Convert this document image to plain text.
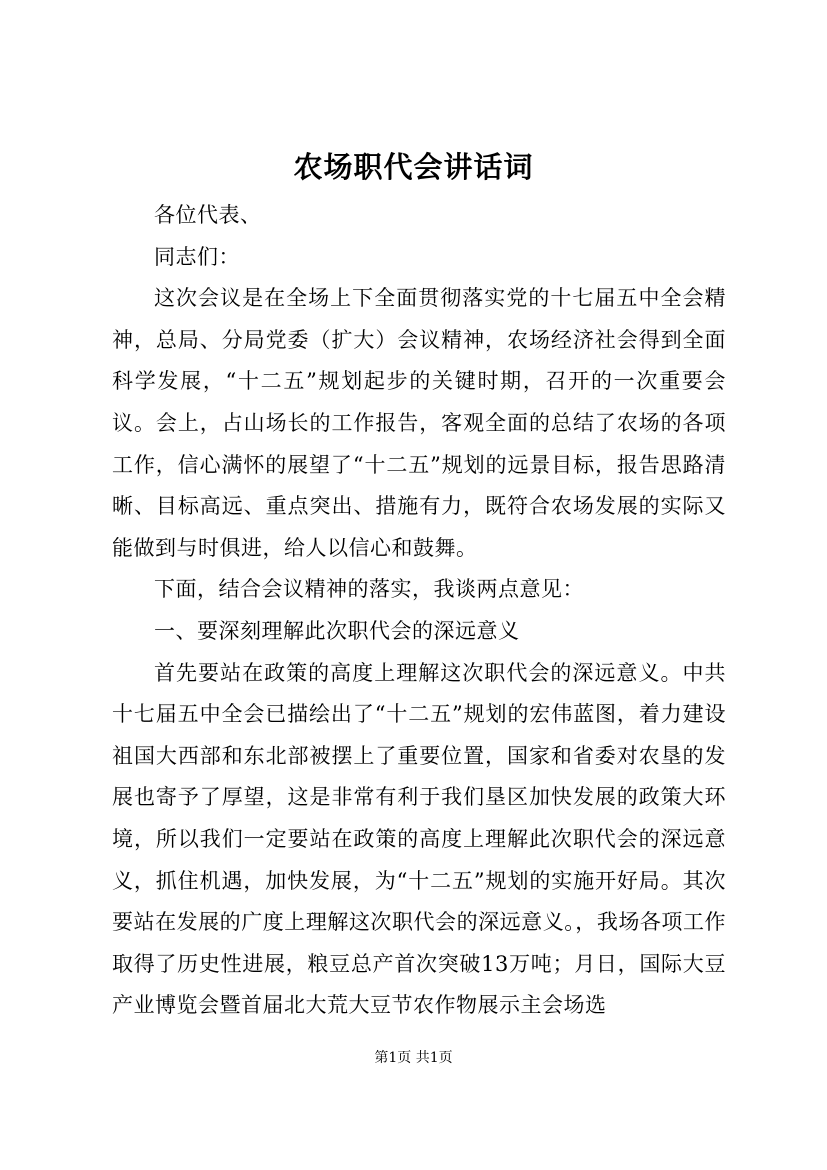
农场职代会讲话词

各位代表、

同志们：

这次会议是在全场上下全面贯彻落实党的十七届五中全会精神，总局、分局党委（扩大）会议精神，农场经济社会得到全面科学发展，“十二五”规划起步的关键时期，召开的一次重要会议。会上，占山场长的工作报告，客观全面的总结了农场的各项工作，信心满怀的展望了“十二五”规划的远景目标，报告思路清晰、目标高远、重点突出、措施有力，既符合农场发展的实际又能做到与时俱进，给人以信心和鼓舞。

下面，结合会议精神的落实，我谈两点意见：

一、要深刻理解此次职代会的深远意义

首先要站在政策的高度上理解这次职代会的深远意义。中共十七届五中全会已描绘出了“十二五”规划的宏伟蓝图，着力建设祖国大西部和东北部被摆上了重要位置，国家和省委对农垦的发展也寄予了厚望，这是非常有利于我们垦区加快发展的政策大环境，所以我们一定要站在政策的高度上理解此次职代会的深远意义，抓住机遇，加快发展，为“十二五”规划的实施开好局。其次要站在发展的广度上理解这次职代会的深远意义。，我场各项工作取得了历史性进展，粮豆总产首次突破13万吨；月日，国际大豆产业博览会暨首届北大荒大豆节农作物展示主会场选

第1页 共1页
